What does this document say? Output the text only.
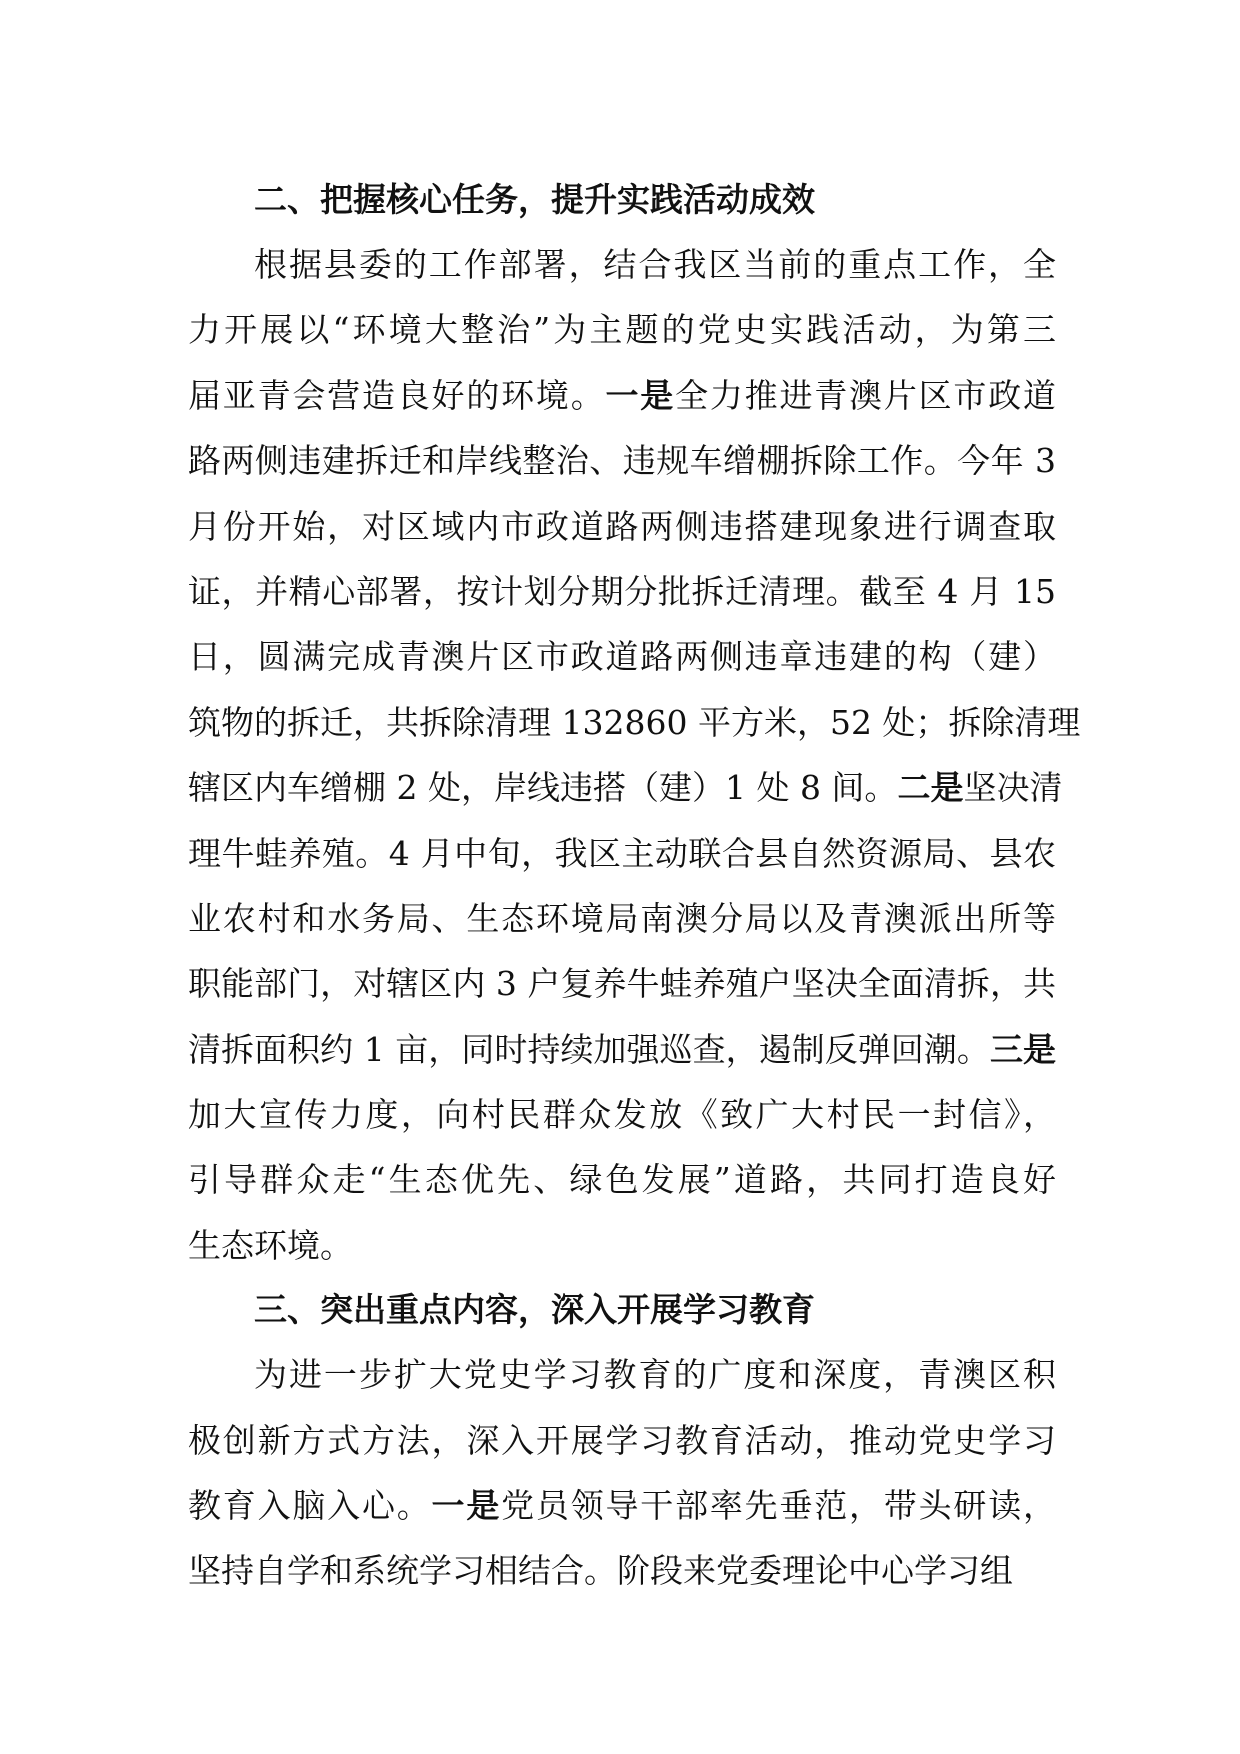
二、把握核心任务，提升实践活动成效
根据县委的工作部署，结合我区当前的重点工作，全
力开展以“环境大整治”为主题的党史实践活动，为第三
届亚青会营造良好的环境。一是全力推进青澳片区市政道
路两侧违建拆迁和岸线整治、违规车缯棚拆除工作。今年 3
月份开始，对区域内市政道路两侧违搭建现象进行调查取
证，并精心部署，按计划分期分批拆迁清理。截至 4 月 15
日，圆满完成青澳片区市政道路两侧违章违建的构（建）
筑物的拆迁，共拆除清理 132860 平方米，52 处；拆除清理
辖区内车缯棚 2 处，岸线违搭（建）1 处 8 间。二是坚决清
理牛蛙养殖。4 月中旬，我区主动联合县自然资源局、县农
业农村和水务局、生态环境局南澳分局以及青澳派出所等
职能部门，对辖区内 3 户复养牛蛙养殖户坚决全面清拆，共
清拆面积约 1 亩，同时持续加强巡查，遏制反弹回潮。三是
加大宣传力度，向村民群众发放《致广大村民一封信》，
引导群众走“生态优先、绿色发展”道路，共同打造良好
生态环境。
三、突出重点内容，深入开展学习教育
为进一步扩大党史学习教育的广度和深度，青澳区积
极创新方式方法，深入开展学习教育活动，推动党史学习
教育入脑入心。一是党员领导干部率先垂范，带头研读，
坚持自学和系统学习相结合。阶段来党委理论中心学习组
